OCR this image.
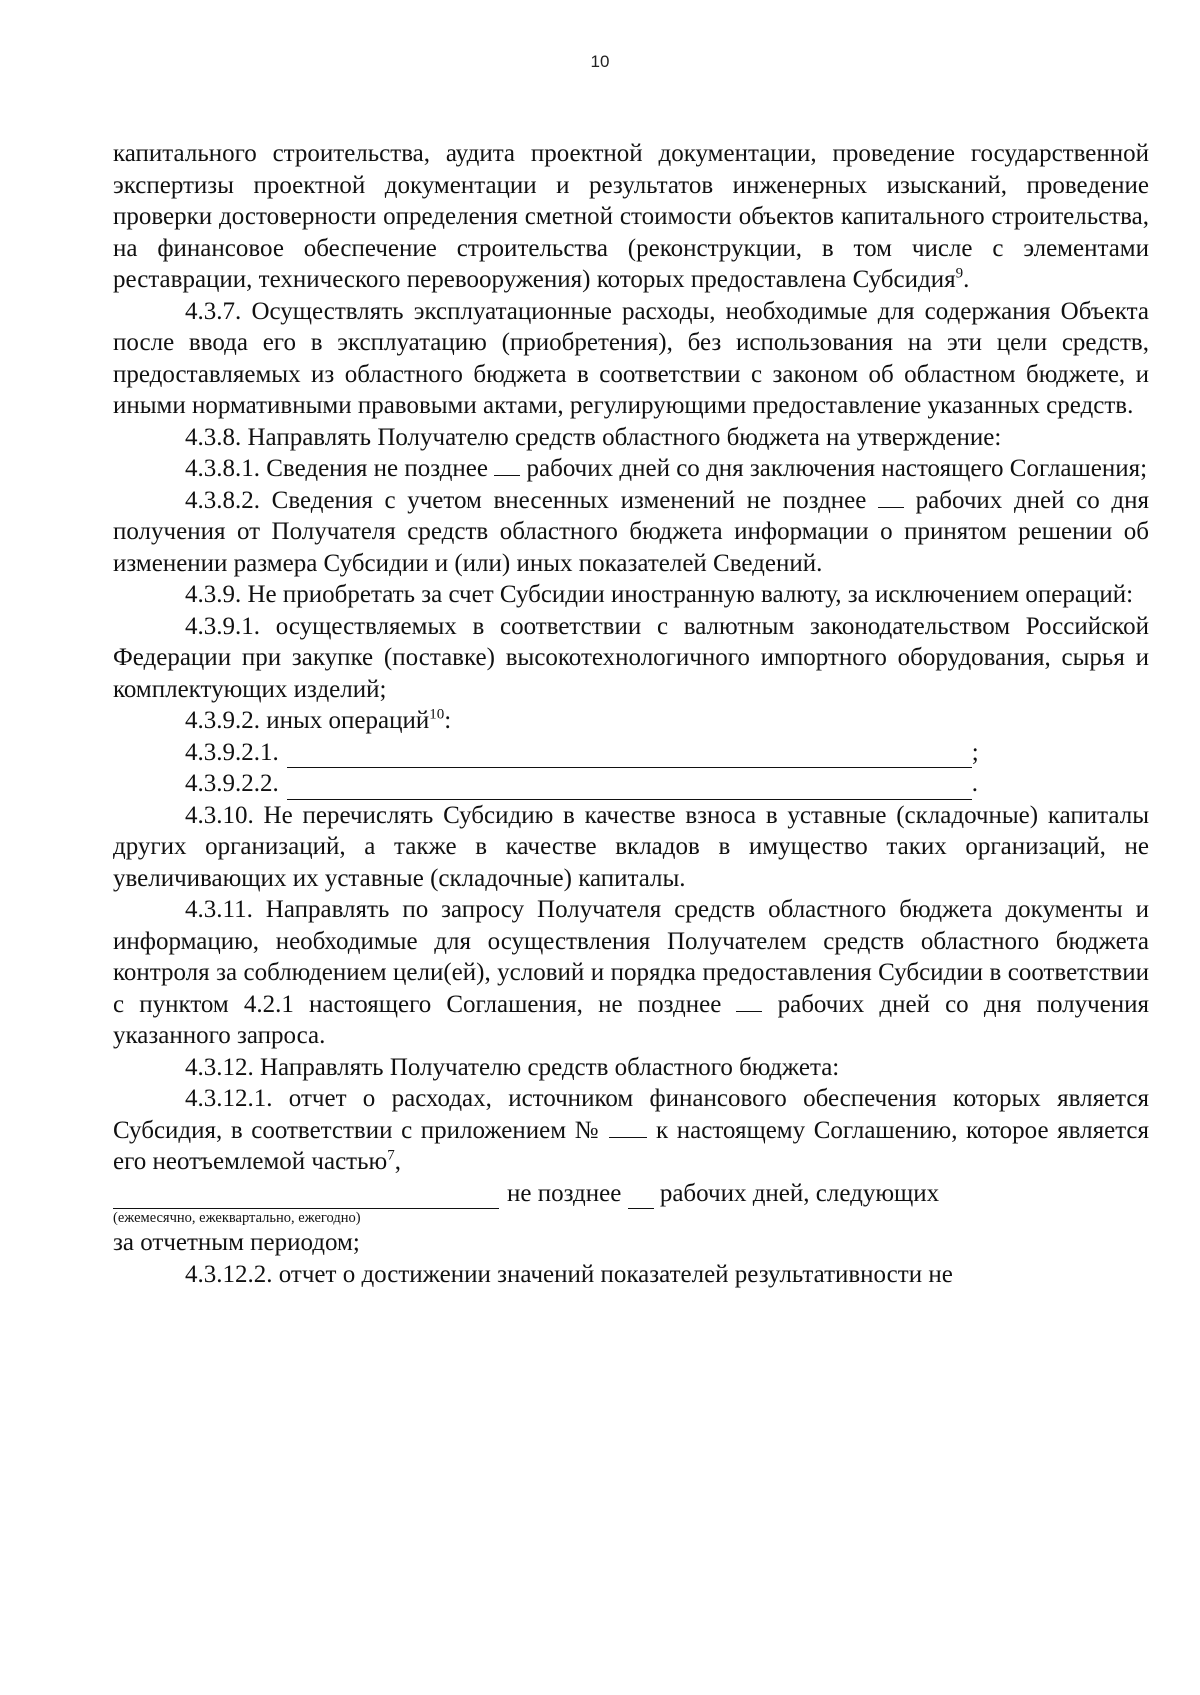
10

капитального строительства, аудита проектной документации, проведение государственной экспертизы проектной документации и результатов инженерных изысканий, проведение проверки достоверности определения сметной стоимости объектов капитального строительства, на финансовое обеспечение строительства (реконструкции, в том числе с элементами реставрации, технического перевооружения) которых предоставлена Субсидия$^9$.

4.3.7. Осуществлять эксплуатационные расходы, необходимые для содержания Объекта после ввода его в эксплуатацию (приобретения), без использования на эти цели средств, предоставляемых из областного бюджета в соответствии с законом об областном бюджете, и иными нормативными правовыми актами, регулирующими предоставление указанных средств.

4.3.8. Направлять Получателю средств областного бюджета на утверждение:

4.3.8.1. Сведения не позднее рабочих дней со дня заключения настоящего Соглашения;

4.3.8.2. Сведения с учетом внесенных изменений не позднее рабочих дней со дня получения от Получателя средств областного бюджета информации о принятом решении об изменении размера Субсидии и (или) иных показателей Сведений.

4.3.9. Не приобретать за счет Субсидии иностранную валюту, за исключением операций:

4.3.9.1. осуществляемых в соответствии с валютным законодательством Российской Федерации при закупке (поставке) высокотехнологичного импортного оборудования, сырья и комплектующих изделий;

4.3.9.2. иных операций$^{10}$:

4.3.9.2.1.	;
4.3.9.2.2.	.

4.3.10. Не перечислять Субсидию в качестве взноса в уставные (складочные) капиталы других организаций, а также в качестве вкладов в имущество таких организаций, не увеличивающих их уставные (складочные) капиталы.

4.3.11. Направлять по запросу Получателя средств областного бюджета документы и информацию, необходимые для осуществления Получателем средств областного бюджета контроля за соблюдением цели(ей), условий и порядка предоставления Субсидии в соответствии с пунктом 4.2.1 настоящего Соглашения, не позднее рабочих дней со дня получения указанного запроса.

4.3.12. Направлять Получателю средств областного бюджета:

4.3.12.1. отчет о расходах, источником финансового обеспечения которых является Субсидия, в соответствии с приложением № к настоящему Соглашению, которое является его неотъемлемой частью$^7$,

не позднее

рабочих дней, следующих

(ежемесячно, ежеквартально, ежегодно)

за отчетным периодом;

4.3.12.2. отчет о достижении значений показателей результативности не
